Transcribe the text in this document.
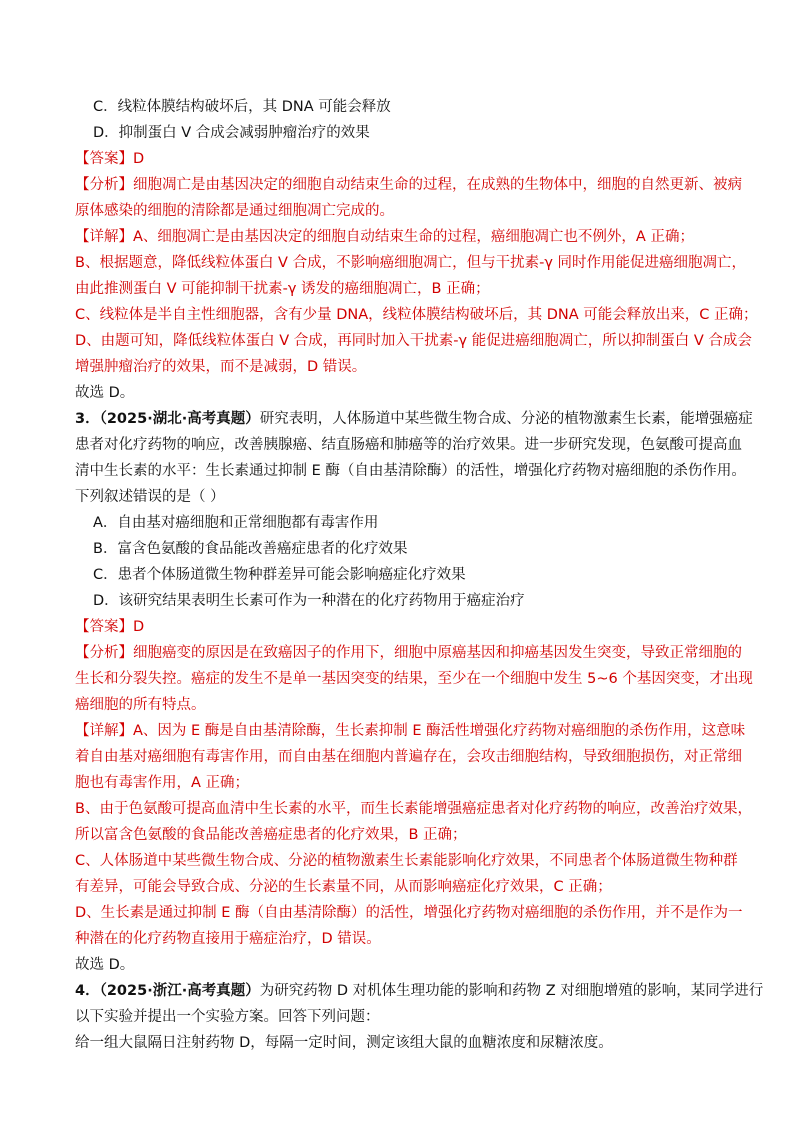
C．线粒体膜结构破坏后，其 DNA 可能会释放
D．抑制蛋白 V 合成会减弱肿瘤治疗的效果
【答案】D
【分析】细胞凋亡是由基因决定的细胞自动结束生命的过程，在成熟的生物体中，细胞的自然更新、被病
原体感染的细胞的清除都是通过细胞凋亡完成的。
【详解】A、细胞凋亡是由基因决定的细胞自动结束生命的过程，癌细胞凋亡也不例外，A 正确；
B、根据题意，降低线粒体蛋白 V 合成，不影响癌细胞凋亡，但与干扰素-γ 同时作用能促进癌细胞凋亡，
由此推测蛋白 V 可能抑制干扰素-γ 诱发的癌细胞凋亡，B 正确；
C、线粒体是半自主性细胞器，含有少量 DNA，线粒体膜结构破坏后，其 DNA 可能会释放出来，C 正确；
D、由题可知，降低线粒体蛋白 V 合成，再同时加入干扰素-γ 能促进癌细胞凋亡，所以抑制蛋白 V 合成会
增强肿瘤治疗的效果，而不是减弱，D 错误。
故选 D。
3．（2025·湖北·高考真题）研究表明，人体肠道中某些微生物合成、分泌的植物激素生长素，能增强癌症
患者对化疗药物的响应，改善胰腺癌、结直肠癌和肺癌等的治疗效果。进一步研究发现，色氨酸可提高血
清中生长素的水平：生长素通过抑制 E 酶（自由基清除酶）的活性，增强化疗药物对癌细胞的杀伤作用。
下列叙述错误的是（ ）
A．自由基对癌细胞和正常细胞都有毒害作用
B．富含色氨酸的食品能改善癌症患者的化疗效果
C．患者个体肠道微生物种群差异可能会影响癌症化疗效果
D．该研究结果表明生长素可作为一种潜在的化疗药物用于癌症治疗
【答案】D
【分析】细胞癌变的原因是在致癌因子的作用下，细胞中原癌基因和抑癌基因发生突变，导致正常细胞的
生长和分裂失控。癌症的发生不是单一基因突变的结果，至少在一个细胞中发生 5~6 个基因突变，才出现
癌细胞的所有特点。
【详解】A、因为 E 酶是自由基清除酶，生长素抑制 E 酶活性增强化疗药物对癌细胞的杀伤作用，这意味
着自由基对癌细胞有毒害作用，而自由基在细胞内普遍存在，会攻击细胞结构，导致细胞损伤，对正常细
胞也有毒害作用，A 正确；
B、由于色氨酸可提高血清中生长素的水平，而生长素能增强癌症患者对化疗药物的响应，改善治疗效果，
所以富含色氨酸的食品能改善癌症患者的化疗效果，B 正确；
C、人体肠道中某些微生物合成、分泌的植物激素生长素能影响化疗效果，不同患者个体肠道微生物种群
有差异，可能会导致合成、分泌的生长素量不同，从而影响癌症化疗效果，C 正确；
D、生长素是通过抑制 E 酶（自由基清除酶）的活性，增强化疗药物对癌细胞的杀伤作用，并不是作为一
种潜在的化疗药物直接用于癌症治疗，D 错误。
故选 D。
4．（2025·浙江·高考真题）为研究药物 D 对机体生理功能的影响和药物 Z 对细胞增殖的影响，某同学进行
以下实验并提出一个实验方案。回答下列问题：
给一组大鼠隔日注射药物 D，每隔一定时间，测定该组大鼠的血糖浓度和尿糖浓度。
